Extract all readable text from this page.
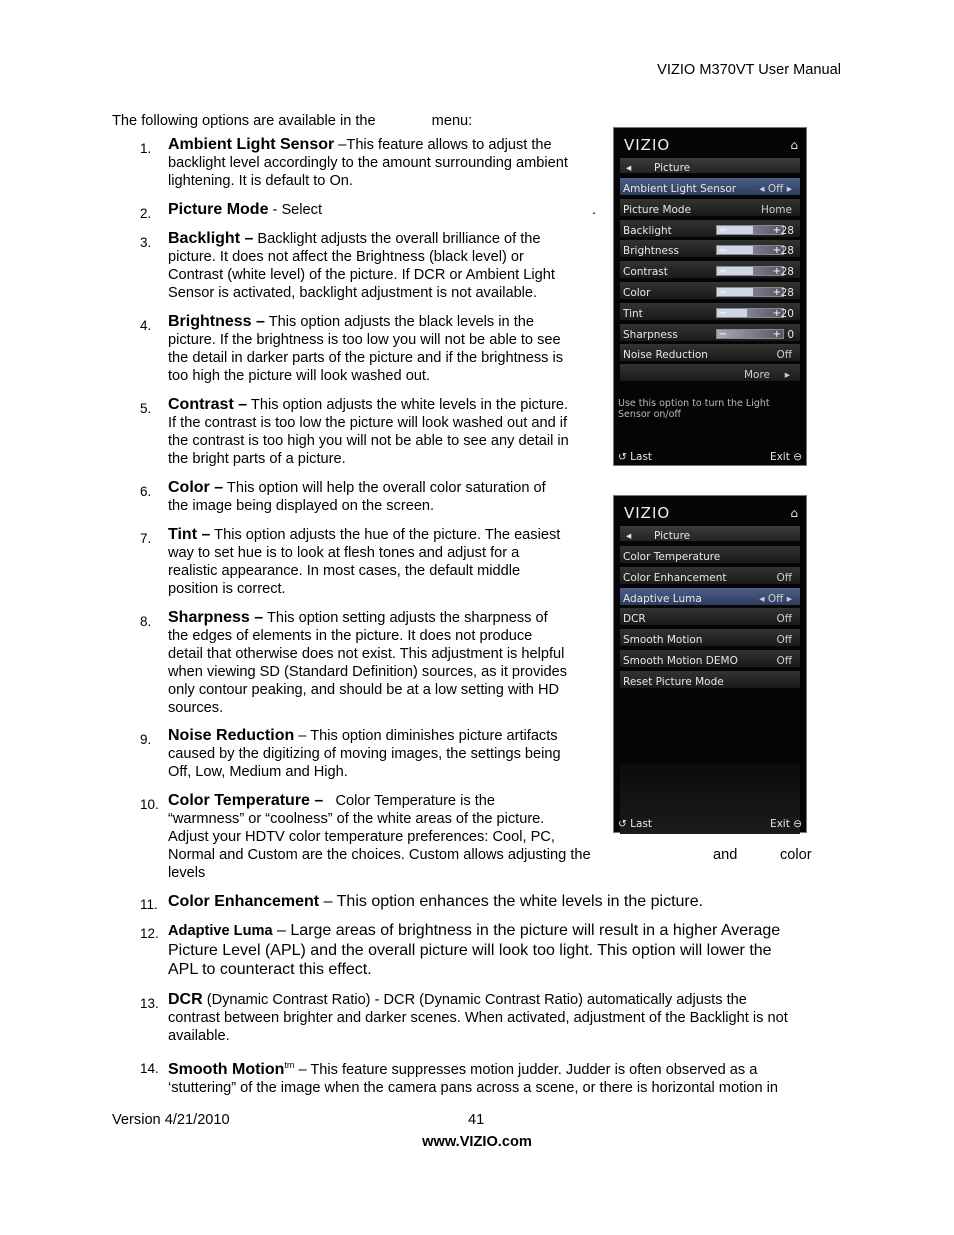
VIZIO M370VT User Manual
The following options are available in the	menu:
1. Ambient Light Sensor –This feature allows to adjust the
backlight level accordingly to the amount surrounding ambient
lightening. It is default to On.
2. Picture Mode - Select	.
3. Backlight – Backlight adjusts the overall brilliance of the
picture. It does not affect the Brightness (black level) or
Contrast (white level) of the picture. If DCR or Ambient Light
Sensor is activated, backlight adjustment is not available.
4. Brightness – This option adjusts the black levels in the
picture. If the brightness is too low you will not be able to see
the detail in darker parts of the picture and if the brightness is
too high the picture will look washed out.
5. Contrast – This option adjusts the white levels in the picture.
If the contrast is too low the picture will look washed out and if
the contrast is too high you will not be able to see any detail in
the bright parts of a picture.
6. Color – This option will help the overall color saturation of
the image being displayed on the screen.
7. Tint – This option adjusts the hue of the picture. The easiest
way to set hue is to look at flesh tones and adjust for a
realistic appearance. In most cases, the default middle
position is correct.
8. Sharpness – This option setting adjusts the sharpness of
the edges of elements in the picture. It does not produce
detail that otherwise does not exist. This adjustment is helpful
when viewing SD (Standard Definition) sources, as it provides
only contour peaking, and should be at a low setting with HD
sources.
9. Noise Reduction – This option diminishes picture artifacts
caused by the digitizing of moving images, the settings being
Off, Low, Medium and High.
10. Color Temperature –   Color Temperature is the
“warmness” or “coolness” of the white areas of the picture.
Adjust your HDTV color temperature preferences: Cool, PC,
Normal and Custom are the choices. Custom allows adjusting the	and	color
levels
11. Color Enhancement – This option enhances the white levels in the picture.
12. Adaptive Luma – Large areas of brightness in the picture will result in a higher Average
Picture Level (APL) and the overall picture will look too light. This option will lower the
APL to counteract this effect.
13. DCR (Dynamic Contrast Ratio) - DCR (Dynamic Contrast Ratio) automatically adjusts the
contrast between brighter and darker scenes. When activated, adjustment of the Backlight is not
available.
14. Smooth Motion$^{tm}$ – This feature suppresses motion judder. Judder is often observed as a
‘stuttering” of the image when the camera pans across a scene, or there is horizontal motion in
VIZIO	⌂
◂ Picture
Ambient Light Sensor ◂ Off ▸
Picture Mode	Home
Backlight	−	+ 28
Brightness	−	+ 28
Contrast	−	+ 28
Color	−	+ 28
Tint	−	+ 20
Sharpness	−	+ 0
Noise Reduction	Off
More ▸
Use this option to turn the Light Sensor on/off
↺ Last	Exit ⊖
VIZIO	⌂
◂ Picture
Color Temperature
Color Enhancement	Off
Adaptive Luma	◂ Off ▸
DCR	Off
Smooth Motion	Off
Smooth Motion DEMO	Off
Reset Picture Mode
↺ Last	Exit ⊖
Version 4/21/2010	41
www.VIZIO.com
